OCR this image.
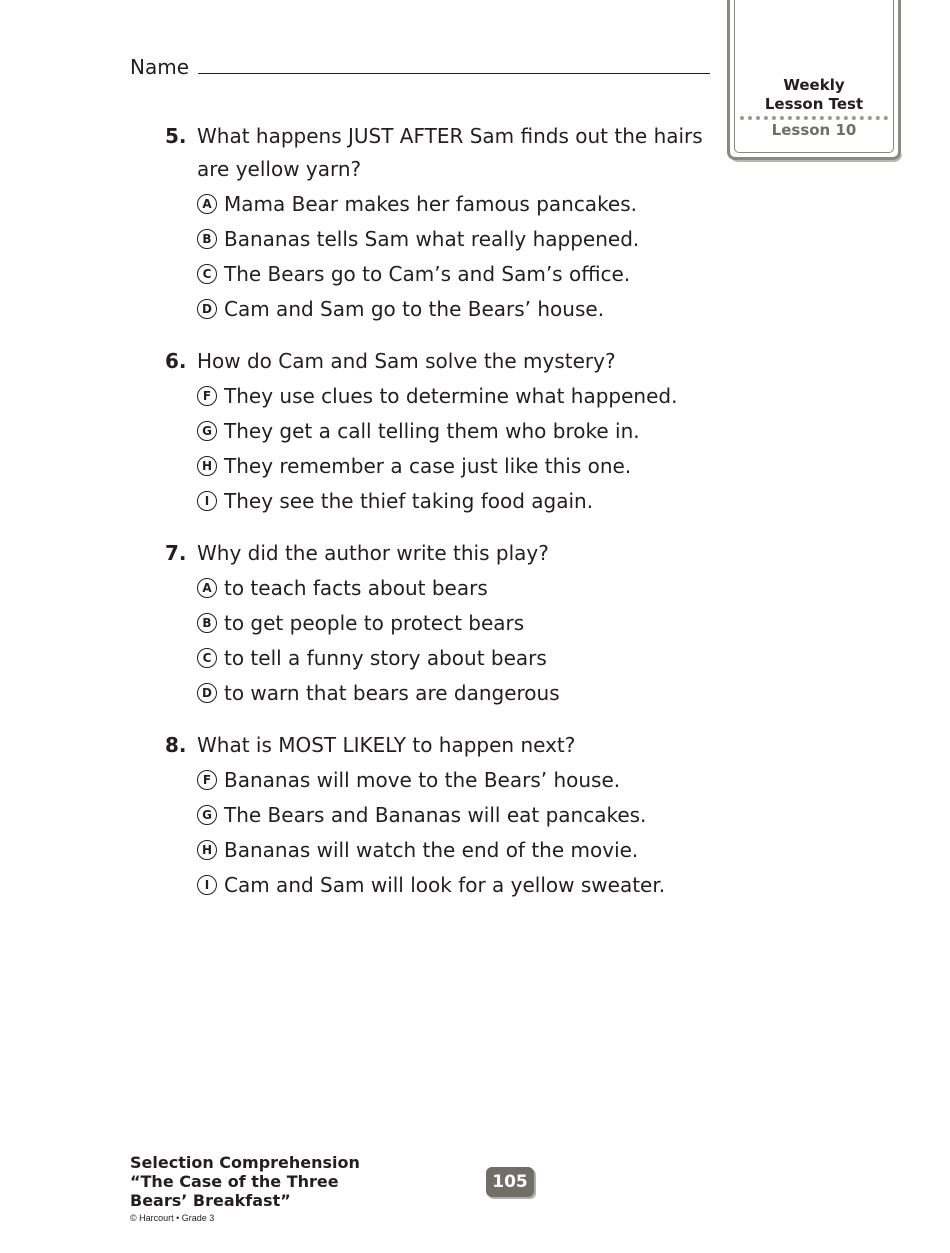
Name
Weekly
Lesson Test
Lesson 10
5. What happens JUST AFTER Sam finds out the hairs are yellow yarn?
A Mama Bear makes her famous pancakes.
B Bananas tells Sam what really happened.
C The Bears go to Cam’s and Sam’s office.
D Cam and Sam go to the Bears’ house.
6. How do Cam and Sam solve the mystery?
F They use clues to determine what happened.
G They get a call telling them who broke in.
H They remember a case just like this one.
I They see the thief taking food again.
7. Why did the author write this play?
A to teach facts about bears
B to get people to protect bears
C to tell a funny story about bears
D to warn that bears are dangerous
8. What is MOST LIKELY to happen next?
F Bananas will move to the Bears’ house.
G The Bears and Bananas will eat pancakes.
H Bananas will watch the end of the movie.
I Cam and Sam will look for a yellow sweater.
Selection Comprehension
“The Case of the Three
Bears’ Breakfast”
© Harcourt • Grade 3
105
